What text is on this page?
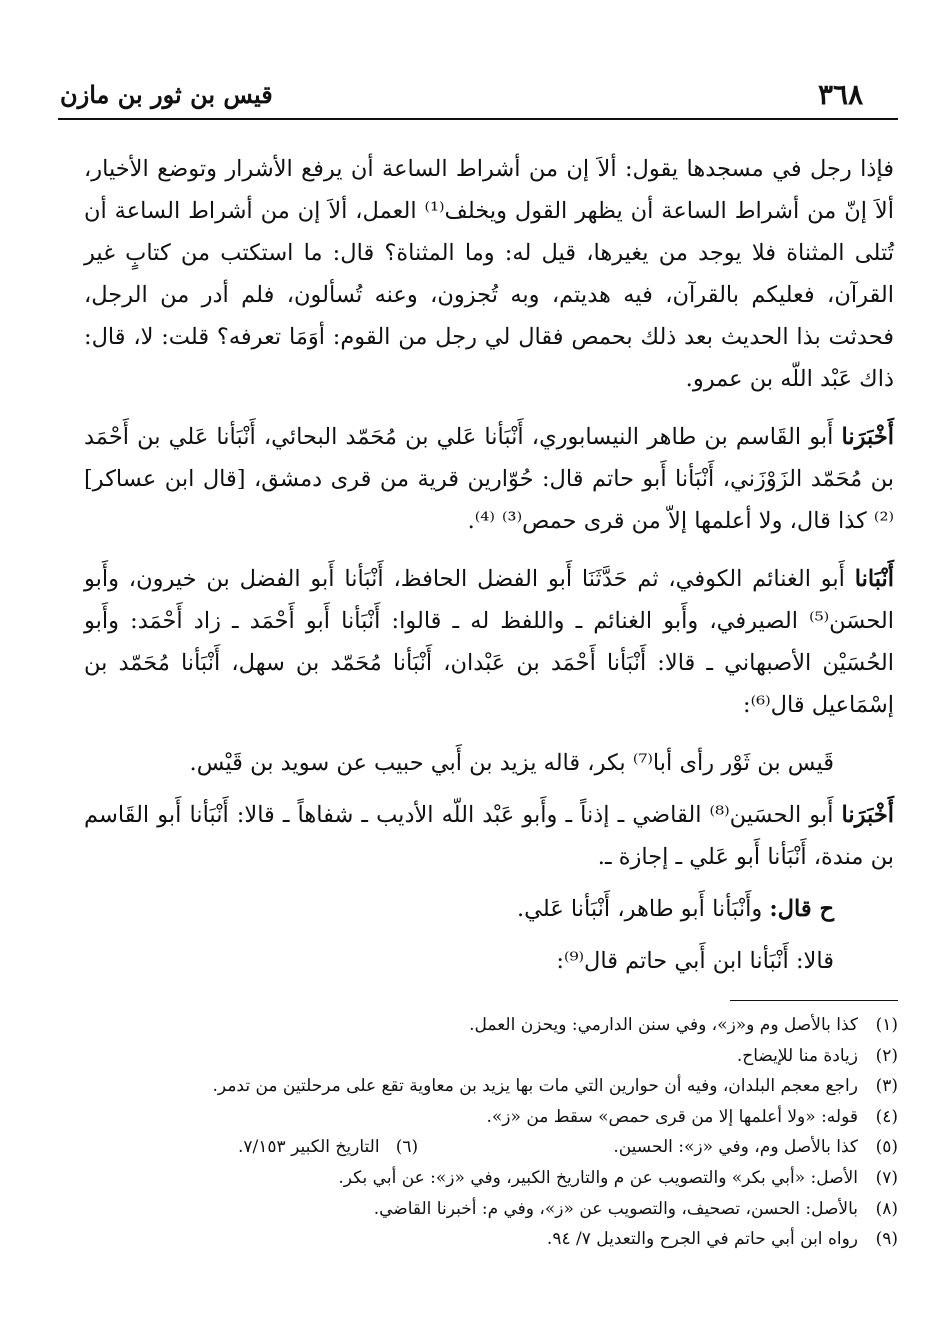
٣٦٨
قيس بن ثور بن مازن

فإذا رجل في مسجدها يقول: ألاَ إن من أشراط الساعة أن يرفع الأشرار وتوضع الأخيار، ألاَ إنّ من أشراط الساعة أن يظهر القول ويخلف⁽¹⁾ العمل، ألاَ إن من أشراط الساعة أن تُتلى المثناة فلا يوجد من يغيرها، قيل له: وما المثناة؟ قال: ما استكتب من كتابٍ غير القرآن، فعليكم بالقرآن، فيه هديتم، وبه تُجزون، وعنه تُسألون، فلم أدر من الرجل، فحدثت بذا الحديث بعد ذلك بحمص فقال لي رجل من القوم: أوَمَا تعرفه؟ قلت: لا، قال: ذاك عَبْد اللّه بن عمرو.

أَخْبَرَنا أَبو القَاسم بن طاهر النيسابوري، أَنْبَأنا عَلي بن مُحَمّد البحائي، أَنْبَأنا عَلي بن أَحْمَد بن مُحَمّد الزَوْزَني، أَنْبَأنا أَبو حاتم قال: حُوّارين قرية من قرى دمشق، [قال ابن عساكر]⁽²⁾ كذا قال، ولا أعلمها إلاّ من قرى حمص⁽³⁾ ⁽⁴⁾.

أَنْبَانا أَبو الغنائم الكوفي، ثم حَدَّثَنَا أَبو الفضل الحافظ، أَنْبَأنا أَبو الفضل بن خيرون، وأَبو الحسَن⁽⁵⁾ الصيرفي، وأَبو الغنائم ـ واللفظ له ـ قالوا: أَنْبَأنا أَبو أَحْمَد ـ زاد أَحْمَد: وأَبو الحُسَيْن الأصبهاني ـ قالا: أَنْبَأنا أَحْمَد بن عَبْدان، أَنْبَأنا مُحَمّد بن سهل، أَنْبَأنا مُحَمّد بن إسْمَاعيل قال⁽⁶⁾:

قَيس بن ثَوْر رأى أبا⁽⁷⁾ بكر، قاله يزيد بن أَبي حبيب عن سويد بن قَيْس.

أَخْبَرَنا أَبو الحسَين⁽⁸⁾ القاضي ـ إذناً ـ وأَبو عَبْد اللّه الأديب ـ شفاهاً ـ قالا: أَنْبَأنا أَبو القَاسم بن مندة، أَنْبَأنا أَبو عَلي ـ إجازة ـ.

ح قال: وأَنْبَأنا أَبو طاهر، أَنْبَأنا عَلي.

قالا: أَنْبَأنا ابن أَبي حاتم قال⁽⁹⁾:

(١)
كذا بالأصل وم و«ز»، وفي سنن الدارمي: ويحزن العمل.
(٢)
زيادة منا للإيضاح.
(٣)
راجع معجم البلدان، وفيه أن حوارين التي مات بها يزيد بن معاوية تقع على مرحلتين من تدمر.
(٤)
قوله: «ولا أعلمها إلا من قرى حمص» سقط من «ز».
(٥)
كذا بالأصل وم، وفي «ز»: الحسين.
(٦)   التاريخ الكبير ٧/١٥٣.
(٧)
الأصل: «أبي بكر» والتصويب عن م والتاريخ الكبير، وفي «ز»: عن أبي بكر.
(٨)
بالأصل: الحسن، تصحيف، والتصويب عن «ز»، وفي م: أخبرنا القاضي.
(٩)
رواه ابن أبي حاتم في الجرح والتعديل ٧/ ٩٤.
